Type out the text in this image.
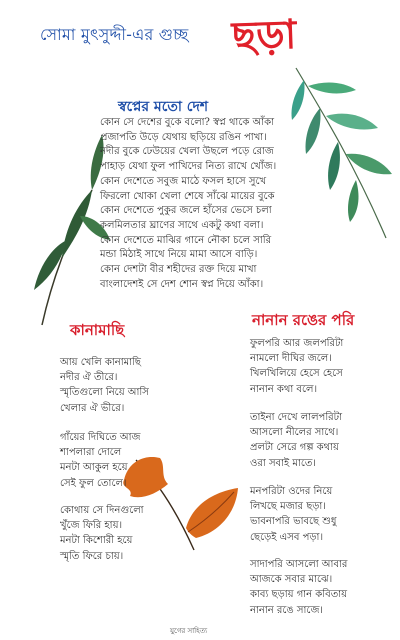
সোমা মুৎসুদ্দী-এর গুচ্ছ ছড়া
স্বপ্নের মতো দেশ
কোন সে দেশের বুকে বলো? স্বপ্ন থাকে আঁকা
প্রজাপতি উড়ে যেথায় ছড়িয়ে রঙিন পাখা।
নদীর বুকে ঢেউয়ের খেলা উছলে পড়ে রোজ
পাহাড় যেথা ফুল পাখিদের নিত্য রাখে খোঁজ।
কোন দেশেতে সবুজ মাঠে ফসল হাসে সুখে
ফিরলো খোকা খেলা শেষে সাঁঝে মায়ের বুকে
কোন দেশেতে পুকুর জলে হাঁসের ভেসে চলা
কলমিলতার ঘ্রাণের সাথে একটু কথা বলা।
কোন দেশেতে মাঝির গানে নৌকা চলে সারি
মন্ডা মিঠাই সাথে নিয়ে মামা আসে বাড়ি।
কোন দেশটা বীর শহীদের রক্ত দিয়ে মাখা
বাংলাদেশই সে দেশ শোন স্বপ্ন দিয়ে আঁকা।
কানামাছি
আয় খেলি কানামাছি
নদীর ঐ তীরে।
স্মৃতিগুলো নিয়ে আসি
খেলার ঐ ভীরে।
গাঁয়ের দিঘিতে আজ
শাপলারা দোলে
মনটা আকুল হয়ে
সেই ফুল তোলে।
কোথায় সে দিনগুলো
খুঁজে ফিরি হায়।
মনটা কিশোরী হয়ে
স্মৃতি ফিরে চায়।
নানান রঙের পরি
ফুলপরি আর জলপরিটা
নামলো দীঘির জলে।
খিলখিলিয়ে হেসে হেসে
নানান কথা বলে।
তাইনা দেখে লালপরিটা
আসলো নীলের সাথে।
প্রলটা সেরে গল্প কথায়
ওরা সবাই মাতে।
মনপরিটা ওদের নিয়ে
লিখছে মজার ছড়া।
ভাবনাপরি ভাবছে শুধু
ছেড়েই এসব পড়া।
সাদাপরি আসলো আবার
আজকে সবার মাঝে।
কাব্য ছড়ায় গান কবিতায়
নানান রঙে সাজে।
যুগের সাহিত্য
